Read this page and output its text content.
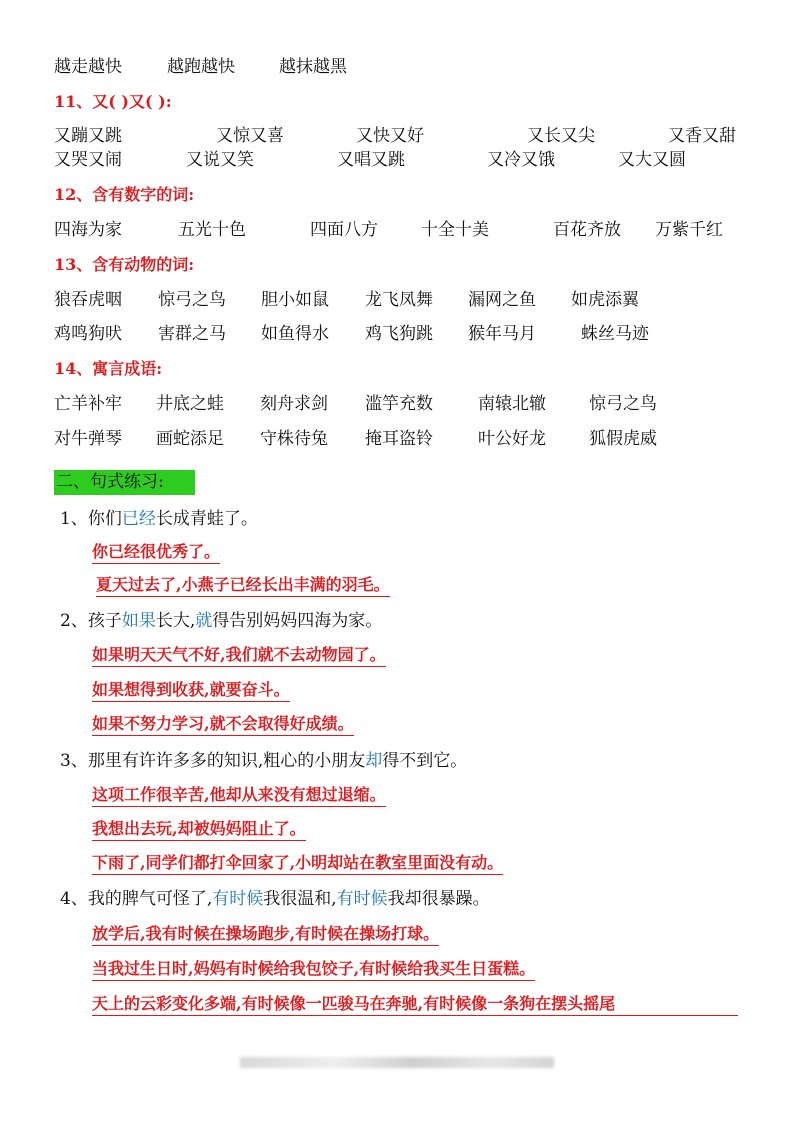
越走越快	越跑越快	越抹越黑
11、又( )又( ):
又蹦又跳	又惊又喜	又快又好	又长又尖	又香又甜
又哭又闹	又说又笑	又唱又跳	又冷又饿	又大又圆
12、含有数字的词:
四海为家	五光十色	四面八方	十全十美	百花齐放 万紫千红
13、含有动物的词:
狼吞虎咽 惊弓之鸟 胆小如鼠 龙飞凤舞 漏网之鱼 如虎添翼
鸡鸣狗吠 害群之马 如鱼得水 鸡飞狗跳 猴年马月	蛛丝马迹
14、寓言成语:
亡羊补牢 井底之蛙 刻舟求剑 滥竽充数	南辕北辙	惊弓之鸟
对牛弹琴 画蛇添足 守株待兔 掩耳盗铃	叶公好龙	狐假虎威
二、句式练习:
1、你们已经长成青蛙了。
你已经很优秀了。
夏天过去了,小燕子已经长出丰满的羽毛。
2、孩子如果长大,就得告别妈妈四海为家。
如果明天天气不好,我们就不去动物园了。
如果想得到收获,就要奋斗。
如果不努力学习,就不会取得好成绩。
3、那里有许许多多的知识,粗心的小朋友却得不到它。
这项工作很辛苦,他却从来没有想过退缩。
我想出去玩,却被妈妈阻止了。
下雨了,同学们都打伞回家了,小明却站在教室里面没有动。
4、我的脾气可怪了,有时候我很温和,有时候我却很暴躁。
放学后,我有时候在操场跑步,有时候在操场打球。
当我过生日时,妈妈有时候给我包饺子,有时候给我买生日蛋糕。
天上的云彩变化多端,有时候像一匹骏马在奔驰,有时候像一条狗在摆头摇尾
